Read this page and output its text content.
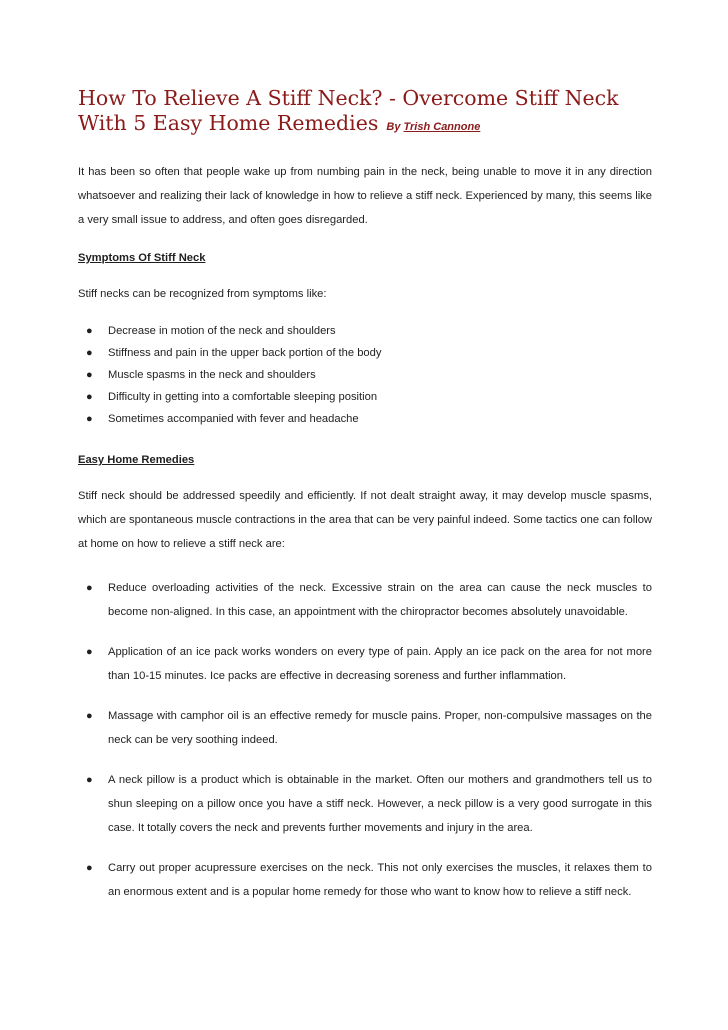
How To Relieve A Stiff Neck? - Overcome Stiff Neck With 5 Easy Home Remedies By Trish Cannone

It has been so often that people wake up from numbing pain in the neck, being unable to move it in any direction whatsoever and realizing their lack of knowledge in how to relieve a stiff neck. Experienced by many, this seems like a very small issue to address, and often goes disregarded.

Symptoms Of Stiff Neck

Stiff necks can be recognized from symptoms like:

● Decrease in motion of the neck and shoulders
● Stiffness and pain in the upper back portion of the body
● Muscle spasms in the neck and shoulders
● Difficulty in getting into a comfortable sleeping position
● Sometimes accompanied with fever and headache
Easy Home Remedies

Stiff neck should be addressed speedily and efficiently. If not dealt straight away, it may develop muscle spasms, which are spontaneous muscle contractions in the area that can be very painful indeed. Some tactics one can follow at home on how to relieve a stiff neck are:

● Reduce overloading activities of the neck. Excessive strain on the area can cause the neck muscles to become non-aligned. In this case, an appointment with the chiropractor becomes absolutely unavoidable.
● Application of an ice pack works wonders on every type of pain. Apply an ice pack on the area for not more than 10-15 minutes. Ice packs are effective in decreasing soreness and further inflammation.
● Massage with camphor oil is an effective remedy for muscle pains. Proper, non-compulsive massages on the neck can be very soothing indeed.
● A neck pillow is a product which is obtainable in the market. Often our mothers and grandmothers tell us to shun sleeping on a pillow once you have a stiff neck. However, a neck pillow is a very good surrogate in this case. It totally covers the neck and prevents further movements and injury in the area.
● Carry out proper acupressure exercises on the neck. This not only exercises the muscles, it relaxes them to an enormous extent and is a popular home remedy for those who want to know how to relieve a stiff neck.
